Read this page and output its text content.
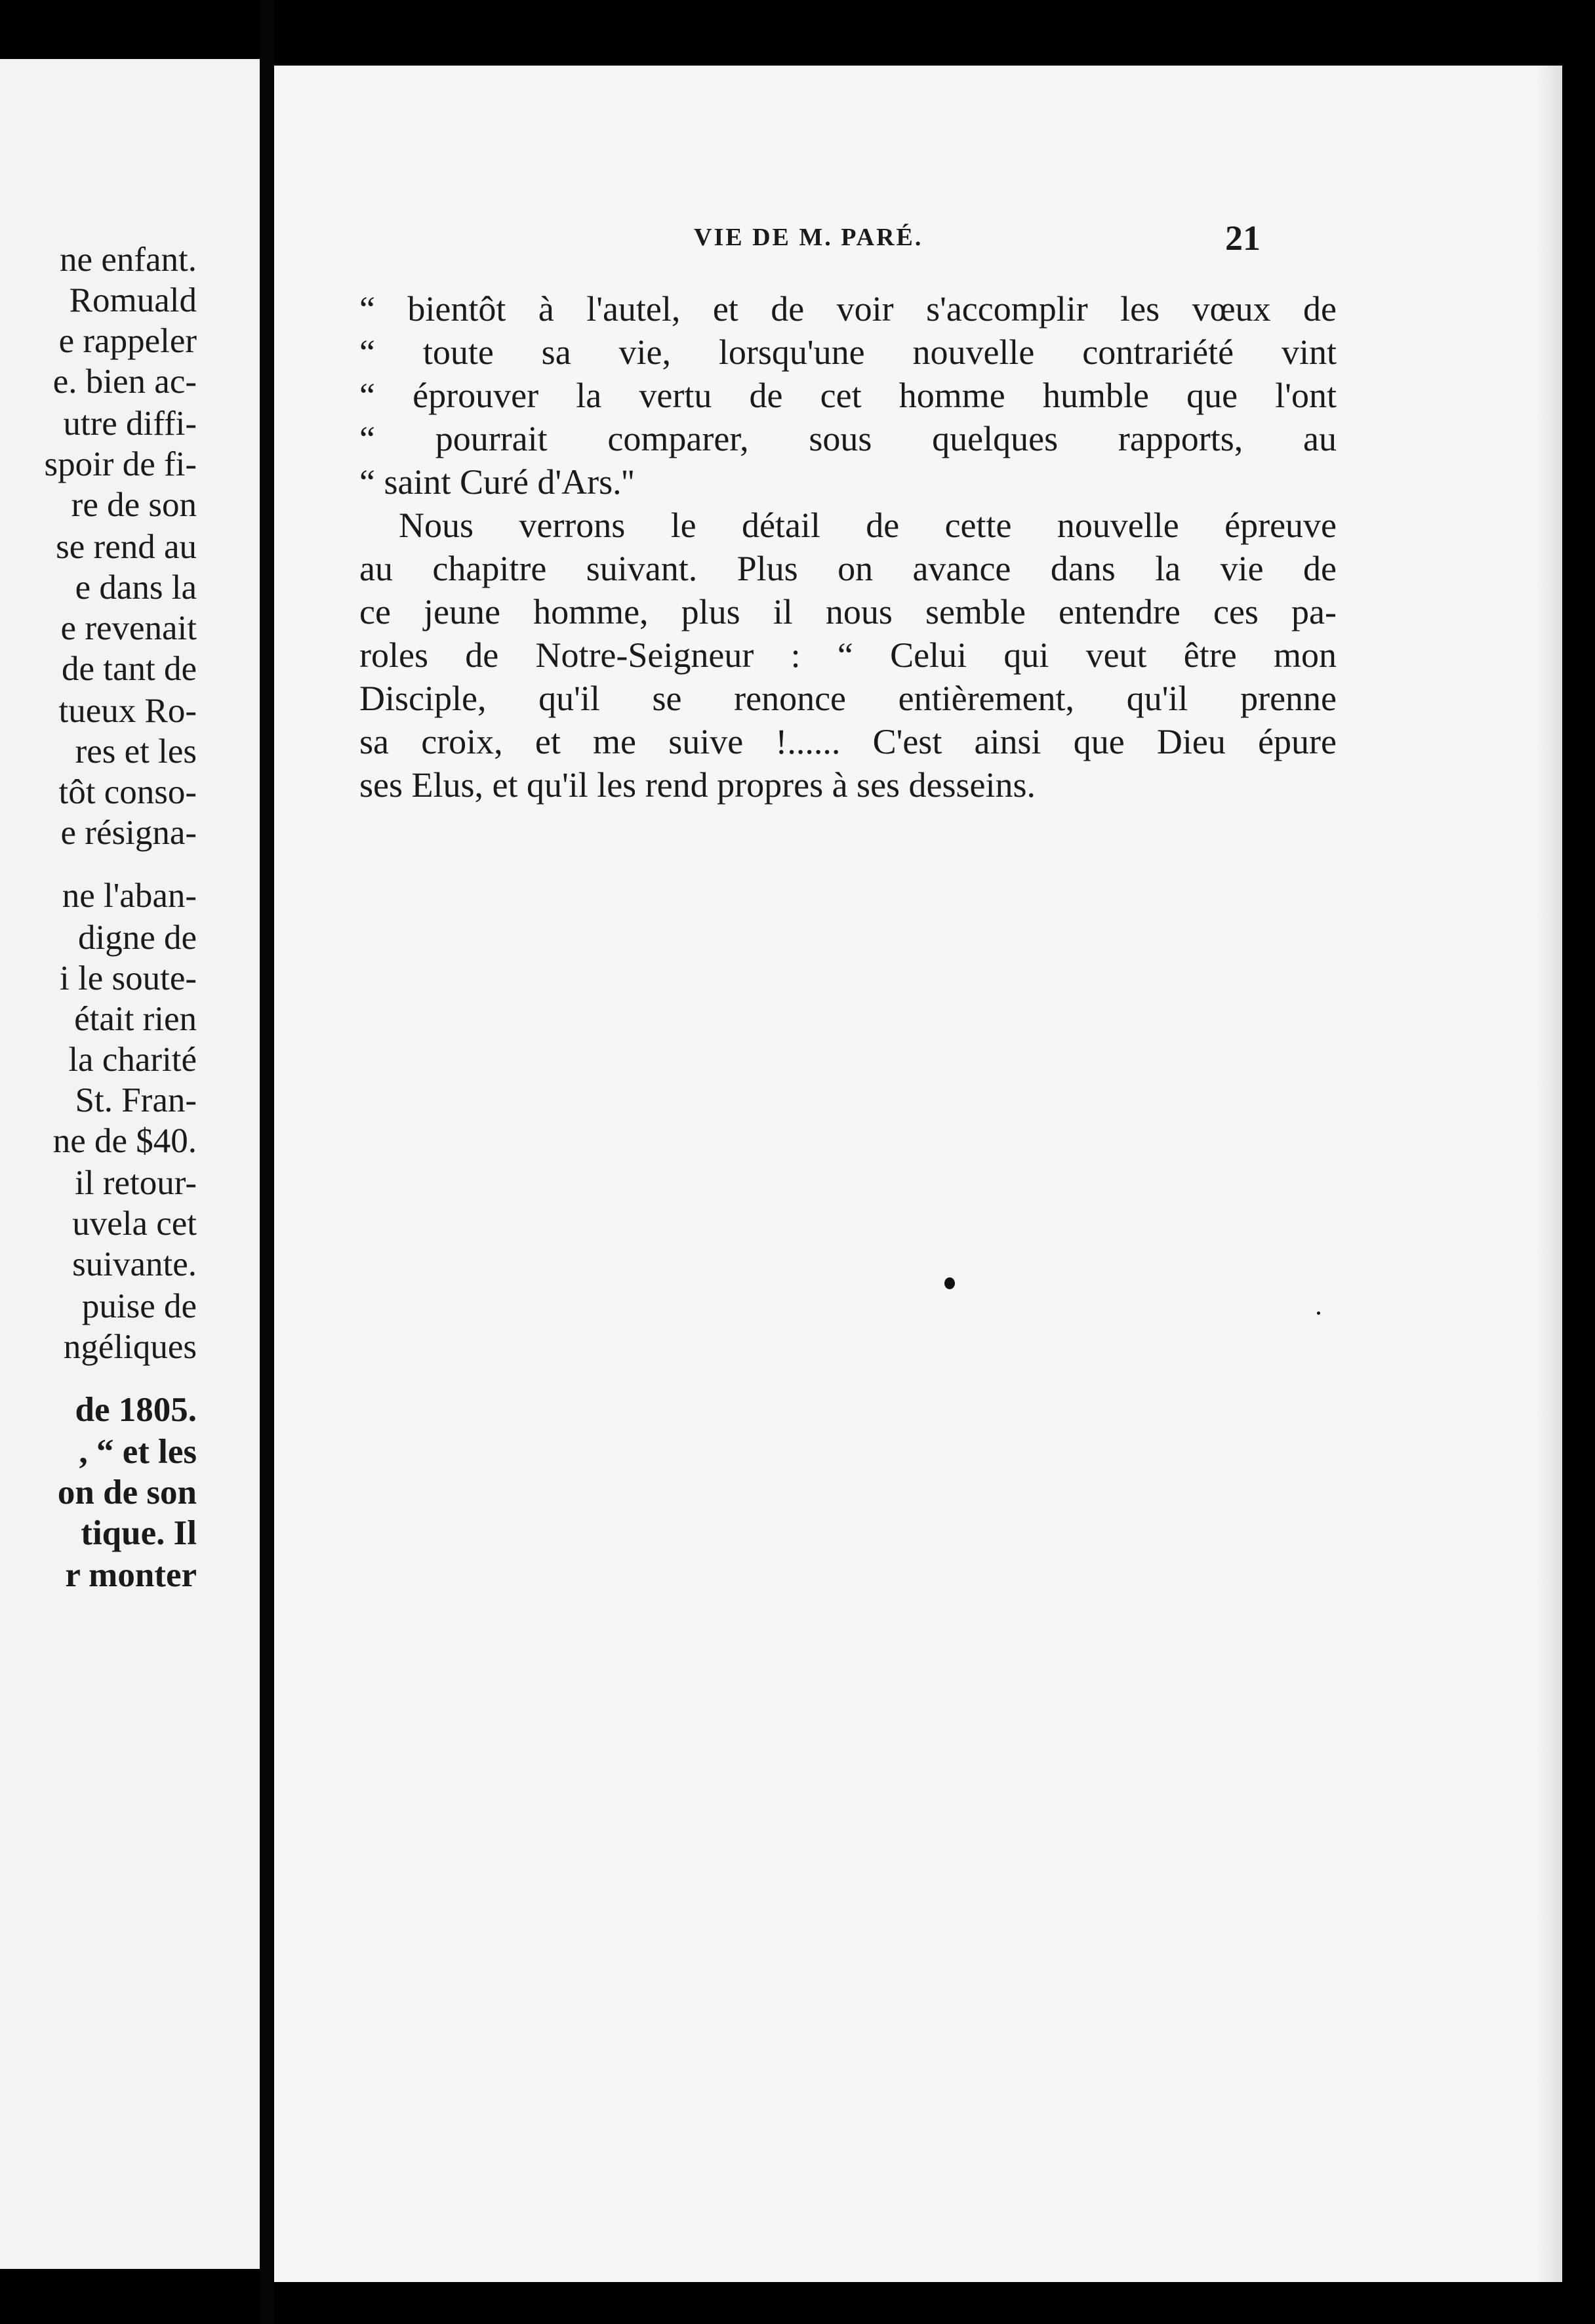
ne enfant.
Romuald
e rappeler
e. bien ac-
utre diffi-
spoir de fi-
re de son
se rend au
e dans la
e revenait
de tant de
tueux Ro-
res et les
tôt conso-
e résigna-
ne l'aban-
digne de
i le soute-
était rien
la charité
St. Fran-
ne de $40.
il retour-
uvela cet
suivante.
puise de
ngéliques
de 1805.
, “ et les
on de son
tique. Il
r monter
VIE DE M. PARÉ.	21
“ bientôt à l'autel, et de voir s'accomplir les vœux de
“ toute sa vie, lorsqu'une nouvelle contrariété vint
“ éprouver la vertu de cet homme humble que l'ont
“ pourrait comparer, sous quelques rapports, au
“ saint Curé d'Ars.''
Nous verrons le détail de cette nouvelle épreuve
au chapitre suivant. Plus on avance dans la vie de
ce jeune homme, plus il nous semble entendre ces pa-
roles de Notre-Seigneur : “ Celui qui veut être mon
Disciple, qu'il se renonce entièrement, qu'il prenne
sa croix, et me suive !...... C'est ainsi que Dieu épure
ses Elus, et qu'il les rend propres à ses desseins.
